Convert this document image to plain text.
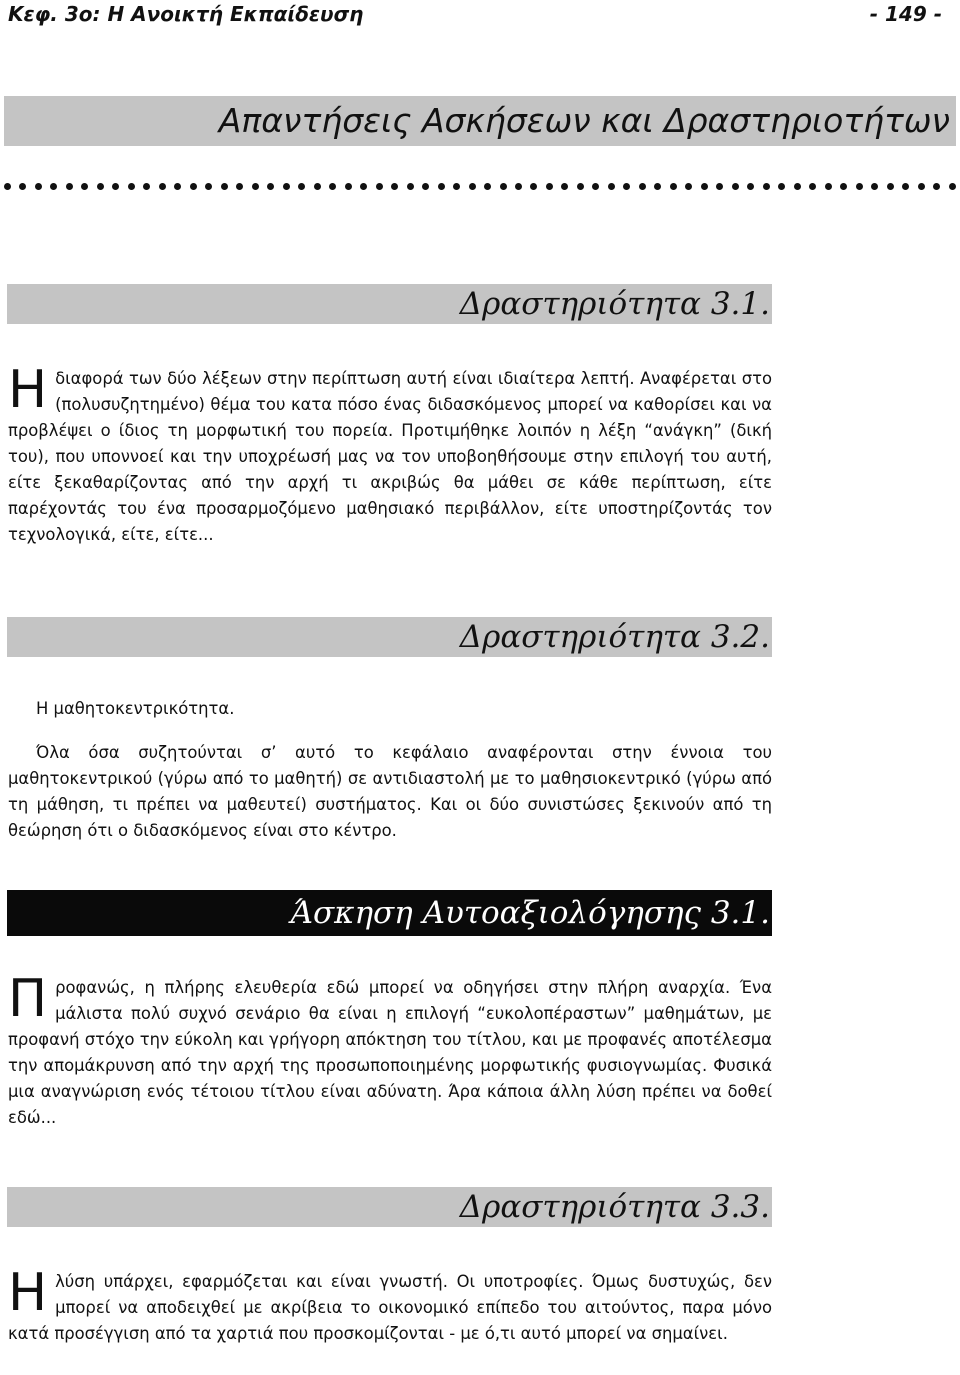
Κεφ. 3ο: Η Ανοικτή Εκπαίδευση	- 149 -
Απαντήσεις Ασκήσεων και Δραστηριοτήτων
Δραστηριότητα 3.1.
Ηδιαφορά των δύο λέξεων στην περίπτωση αυτή είναι ιδιαίτερα λεπτή. Αναφέρεται στο (πολυσυζητημένο) θέμα του κατα πόσο ένας διδασκόμενος μπορεί να καθορίσει και να προβλέψει ο ίδιος τη μορφωτική του πορεία. Προτιμήθηκε λοιπόν η λέξη “ανάγκη” (δική του), που υποννοεί και την υποχρέωσή μας να τον υποβοηθήσουμε στην επιλογή του αυτή, είτε ξεκαθαρίζοντας από την αρχή τι ακριβώς θα μάθει σε κάθε περίπτωση, είτε παρέχοντάς του ένα προσαρμοζόμενο μαθησιακό περιβάλλον, είτε υποστηρίζοντάς τον τεχνολογικά, είτε, είτε...
Δραστηριότητα 3.2.
Η μαθητοκεντρικότητα.
Όλα όσα συζητούνται σ’ αυτό το κεφάλαιο αναφέρονται στην έννοια του μαθητοκεντρικού (γύρω από το μαθητή) σε αντιδιαστολή με το μαθησιοκεντρικό (γύρω από τη μάθηση, τι πρέπει να μαθευτεί) συστήματος. Και οι δύο συνιστώσες ξεκινούν από τη θεώρηση ότι ο διδασκόμενος είναι στο κέντρο.
Άσκηση Αυτοαξιολόγησης 3.1.
Προφανώς, η πλήρης ελευθερία εδώ μπορεί να οδηγήσει στην πλήρη αναρχία. Ένα μάλιστα πολύ συχνό σενάριο θα είναι η επιλογή “ευκολοπέραστων” μαθημάτων, με προφανή στόχο την εύκολη και γρήγορη απόκτηση του τίτλου, και με προφανές αποτέλεσμα την απομάκρυνση από την αρχή της προσωποποιημένης μορφωτικής φυσιογνωμίας. Φυσικά μια αναγνώριση ενός τέτοιου τίτλου είναι αδύνατη. Άρα κάποια άλλη λύση πρέπει να δοθεί εδώ...
Δραστηριότητα 3.3.
Ηλύση υπάρχει, εφαρμόζεται και είναι γνωστή. Οι υποτροφίες. Όμως δυστυχώς, δεν μπορεί να αποδειχθεί με ακρίβεια το οικονομικό επίπεδο του αιτούντος, παρα μόνο κατά προσέγγιση από τα χαρτιά που προσκομίζονται - με ό,τι αυτό μπορεί να σημαίνει.
